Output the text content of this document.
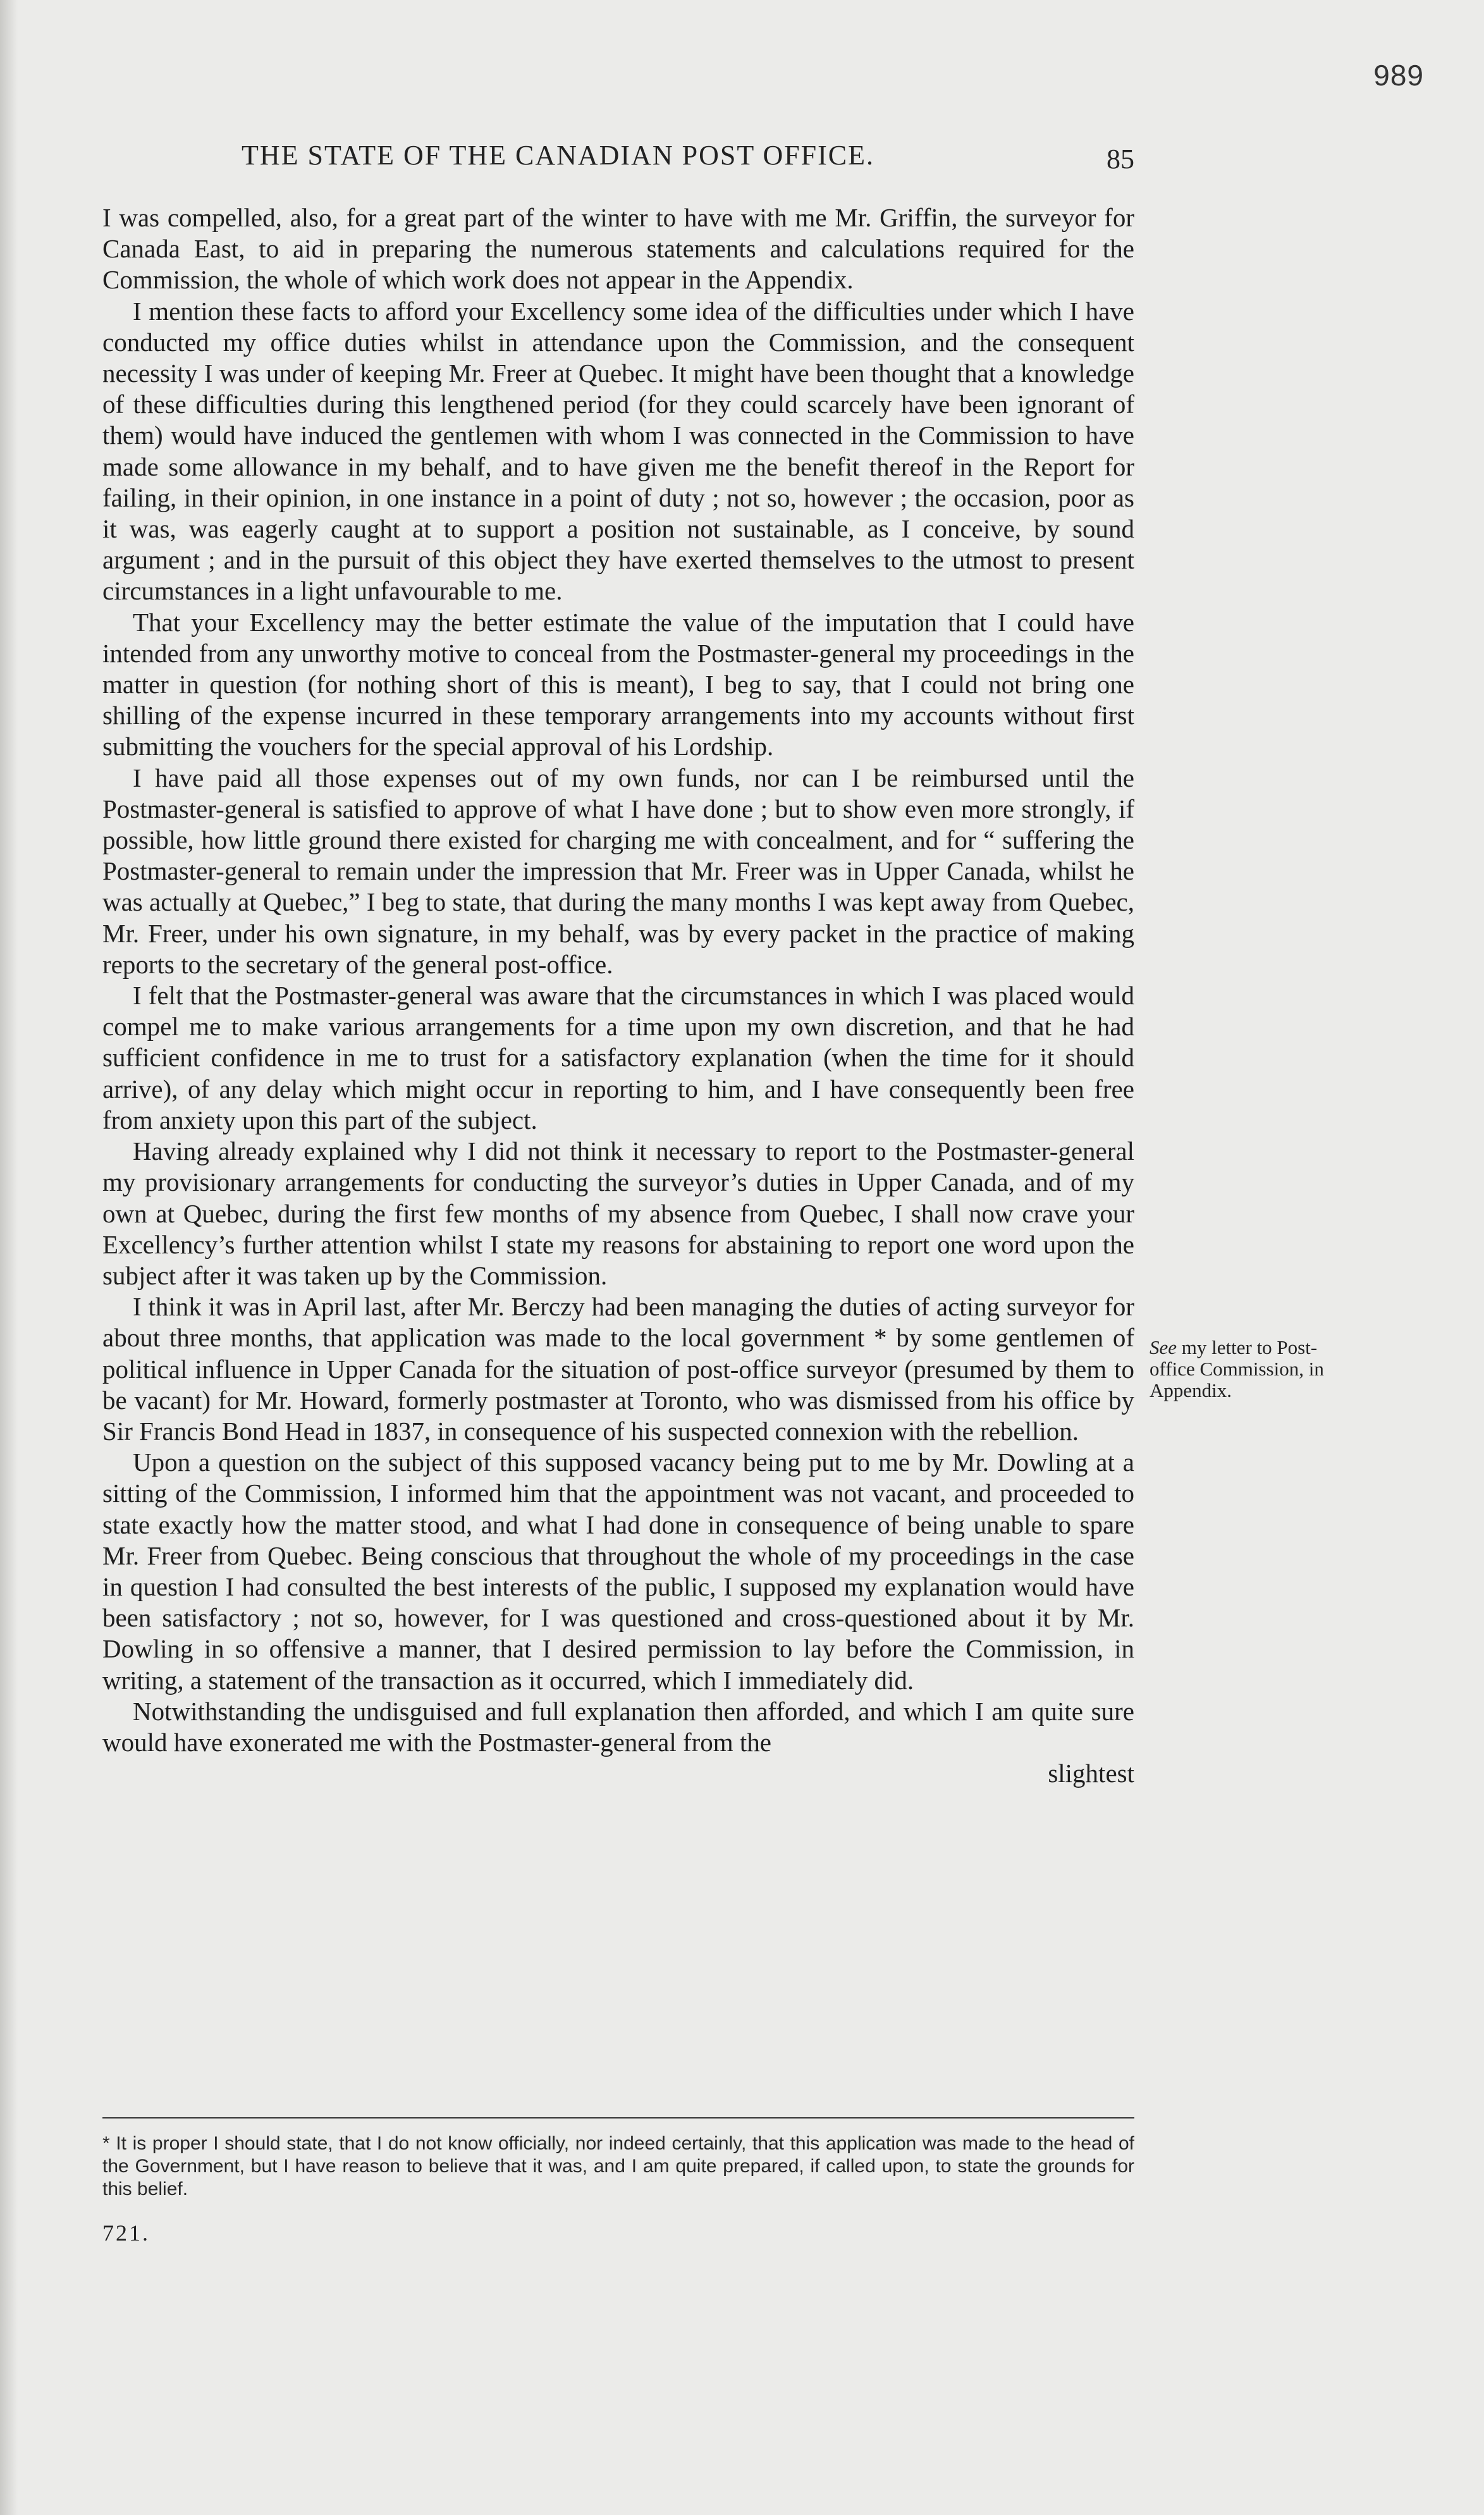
989
THE STATE OF THE CANADIAN POST OFFICE.	85

I was compelled, also, for a great part of the winter to have with me Mr. Griffin, the surveyor for Canada East, to aid in preparing the numerous statements and calculations required for the Commission, the whole of which work does not appear in the Appendix.

I mention these facts to afford your Excellency some idea of the difficulties under which I have conducted my office duties whilst in attendance upon the Commission, and the consequent necessity I was under of keeping Mr. Freer at Quebec. It might have been thought that a knowledge of these difficulties during this lengthened period (for they could scarcely have been ignorant of them) would have induced the gentlemen with whom I was connected in the Commission to have made some allowance in my behalf, and to have given me the benefit thereof in the Report for failing, in their opinion, in one instance in a point of duty ; not so, however ; the occasion, poor as it was, was eagerly caught at to support a position not sustainable, as I conceive, by sound argument ; and in the pursuit of this object they have exerted themselves to the utmost to present circumstances in a light unfavourable to me.

That your Excellency may the better estimate the value of the imputation that I could have intended from any unworthy motive to conceal from the Postmaster-general my proceedings in the matter in question (for nothing short of this is meant), I beg to say, that I could not bring one shilling of the expense incurred in these temporary arrangements into my accounts without first submitting the vouchers for the special approval of his Lordship.

I have paid all those expenses out of my own funds, nor can I be reimbursed until the Postmaster-general is satisfied to approve of what I have done ; but to show even more strongly, if possible, how little ground there existed for charging me with concealment, and for “ suffering the Postmaster-general to remain under the impression that Mr. Freer was in Upper Canada, whilst he was actually at Quebec,” I beg to state, that during the many months I was kept away from Quebec, Mr. Freer, under his own signature, in my behalf, was by every packet in the practice of making reports to the secretary of the general post-office.

I felt that the Postmaster-general was aware that the circumstances in which I was placed would compel me to make various arrangements for a time upon my own discretion, and that he had sufficient confidence in me to trust for a satisfactory explanation (when the time for it should arrive), of any delay which might occur in reporting to him, and I have consequently been free from anxiety upon this part of the subject.

Having already explained why I did not think it necessary to report to the Postmaster-general my provisionary arrangements for conducting the surveyor’s duties in Upper Canada, and of my own at Quebec, during the first few months of my absence from Quebec, I shall now crave your Excellency’s further attention whilst I state my reasons for abstaining to report one word upon the subject after it was taken up by the Commission.

I think it was in April last, after Mr. Berczy had been managing the duties of acting surveyor for about three months, that application was made to the local government * by some gentlemen of political influence in Upper Canada for the situation of post-office surveyor (presumed by them to be vacant) for Mr. Howard, formerly postmaster at Toronto, who was dismissed from his office by Sir Francis Bond Head in 1837, in consequence of his suspected connexion with the rebellion.

Upon a question on the subject of this supposed vacancy being put to me by Mr. Dowling at a sitting of the Commission, I informed him that the appointment was not vacant, and proceeded to state exactly how the matter stood, and what I had done in consequence of being unable to spare Mr. Freer from Quebec. Being conscious that throughout the whole of my proceedings in the case in question I had consulted the best interests of the public, I supposed my explanation would have been satisfactory ; not so, however, for I was questioned and cross-questioned about it by Mr. Dowling in so offensive a manner, that I desired permission to lay before the Commission, in writing, a statement of the transaction as it occurred, which I immediately did.

Notwithstanding the undisguised and full explanation then afforded, and which I am quite sure would have exonerated me with the Postmaster-general from the

slightest

See my letter to Post-office Commission, in Appendix.
* It is proper I should state, that I do not know officially, nor indeed certainly, that this application was made to the head of the Government, but I have reason to believe that it was, and I am quite prepared, if called upon, to state the grounds for this belief.
721.
